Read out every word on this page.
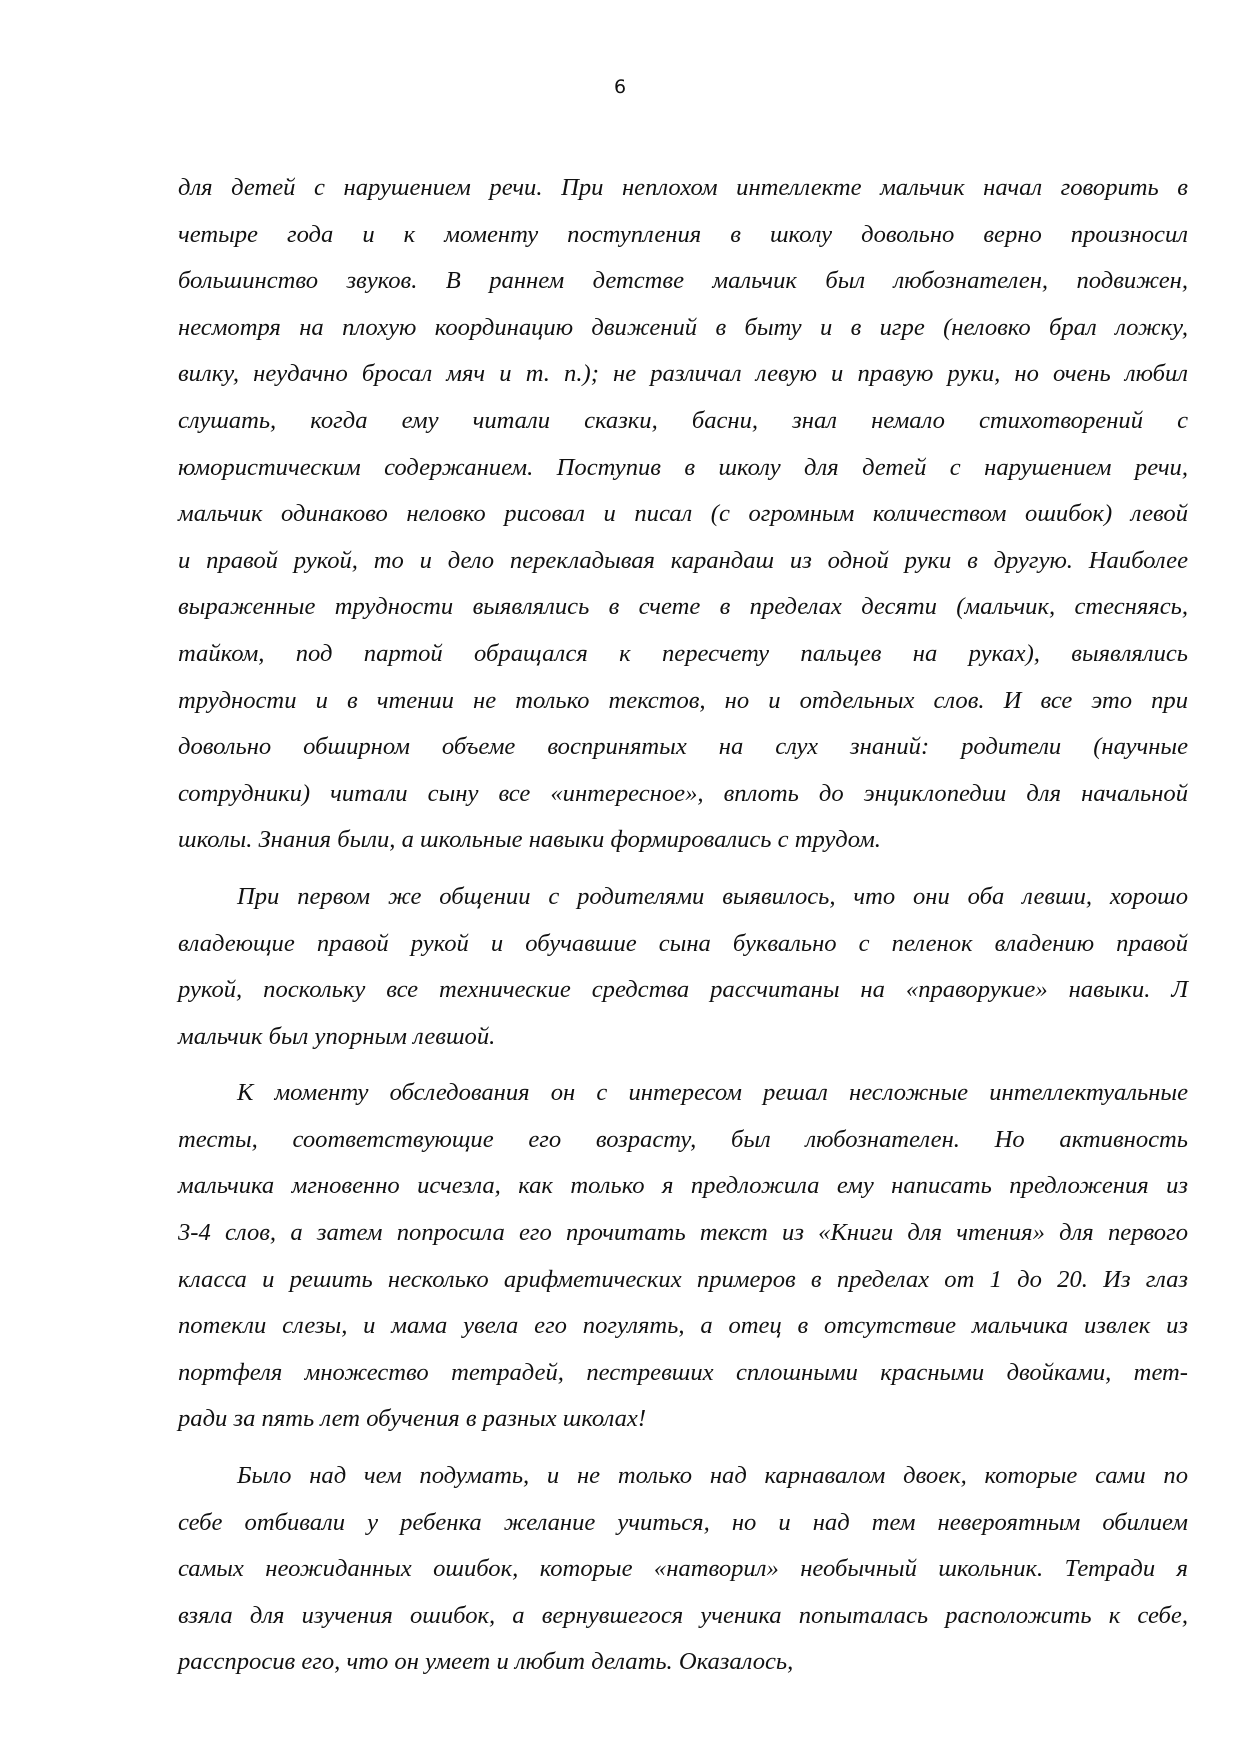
6
для детей с нарушением речи. При неплохом интеллекте мальчик начал говорить в
четыре года и к моменту поступления в школу довольно верно произносил
большинство звуков. В раннем детстве мальчик был любознателен, подвижен,
несмотря на плохую координацию движений в быту и в игре (неловко брал ложку,
вилку, неудачно бросал мяч и т. п.); не различал левую и правую руки, но очень любил
слушать, когда ему читали сказки, басни, знал немало стихотворений с
юмористическим содержанием. Поступив в школу для детей с нарушением речи,
мальчик одинаково неловко рисовал и писал (с огромным количеством ошибок) левой
и правой рукой, то и дело перекладывая карандаш из одной руки в другую. Наиболее
выраженные трудности выявлялись в счете в пределах десяти (мальчик, стесняясь,
тайком, под партой обращался к пересчету пальцев на руках), выявлялись
трудности и в чтении не только текстов, но и отдельных слов. И все это при
довольно обширном объеме воспринятых на слух знаний: родители (научные
сотрудники) читали сыну все «интересное», вплоть до энциклопедии для начальной
школы. Знания были, а школьные навыки формировались с трудом.
При первом же общении с родителями выявилось, что они оба левши, хорошо
владеющие правой рукой и обучавшие сына буквально с пеленок владению правой
рукой, поскольку все технические средства рассчитаны на «праворукие» навыки. Л
мальчик был упорным левшой.
К моменту обследования он с интересом решал несложные интеллектуальные
тесты, соответствующие его возрасту, был любознателен. Но активность
мальчика мгновенно исчезла, как только я предложила ему написать предложения из
3-4 слов, а затем попросила его прочитать текст из «Книги для чтения» для первого
класса и решить несколько арифметических примеров в пределах от 1 до 20. Из глаз
потекли слезы, и мама увела его погулять, а отец в отсутствие мальчика извлек из
портфеля множество тетрадей, пестревших сплошными красными двойками, тет-
ради за пять лет обучения в разных школах!
Было над чем подумать, и не только над карнавалом двоек, которые сами по
себе отбивали у ребенка желание учиться, но и над тем невероятным обилием
самых неожиданных ошибок, которые «натворил» необычный школьник. Тетради я
взяла для изучения ошибок, а вернувшегося ученика попыталась расположить к себе,
расспросив его, что он умеет и любит делать. Оказалось,
